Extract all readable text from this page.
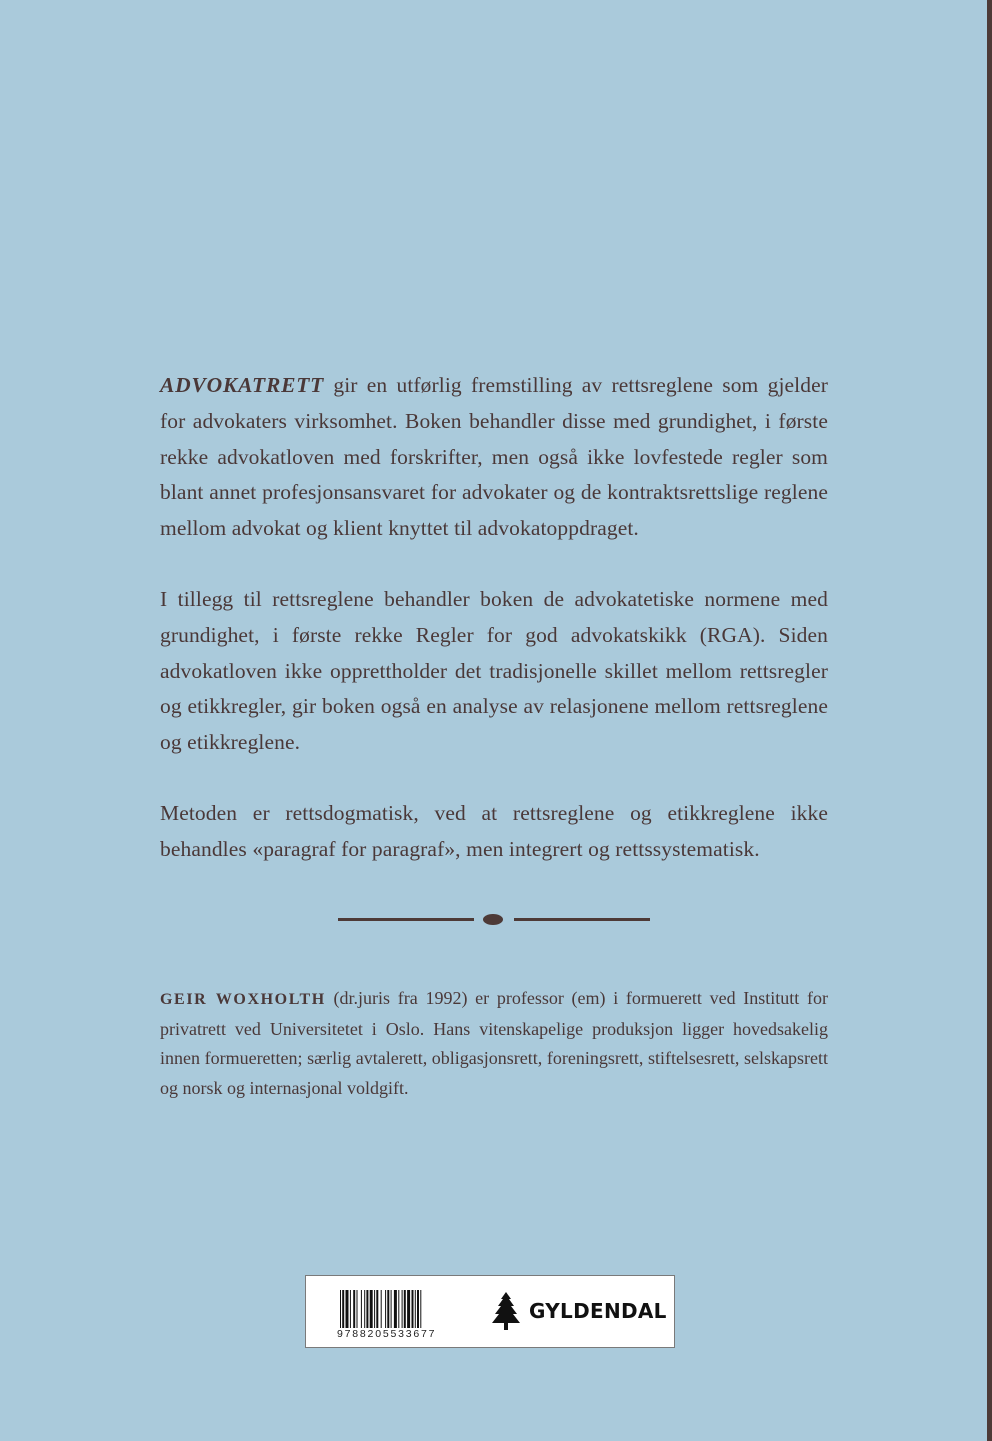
ADVOKATRETT gir en utførlig fremstilling av rettsreglene som gjelder for advokaters virksomhet. Boken behandler disse med grundighet, i første rekke advokatloven med forskrifter, men også ikke lovfestede regler som blant annet profesjonsansvaret for advokater og de kontraktsrettslige reglene mellom advokat og klient knyttet til advokatoppdraget.

I tillegg til rettsreglene behandler boken de advokatetiske normene med grundighet, i første rekke Regler for god advokatskikk (RGA). Siden advokatloven ikke opprettholder det tradisjonelle skillet mellom rettsregler og etikkregler, gir boken også en analyse av relasjonene mellom rettsreglene og etikkreglene.

Metoden er rettsdogmatisk, ved at rettsreglene og etikkreglene ikke behandles «paragraf for paragraf», men integrert og rettssystematisk.

GEIR WOXHOLTH (dr.juris fra 1992) er professor (em) i formuerett ved Institutt for privatrett ved Universitetet i Oslo. Hans vitenskapelige produksjon ligger hovedsakelig innen formueretten; særlig avtalerett, obligasjonsrett, foreningsrett, stiftelsesrett, selskapsrett og norsk og internasjonal voldgift.

9788205533677
GYLDENDAL
